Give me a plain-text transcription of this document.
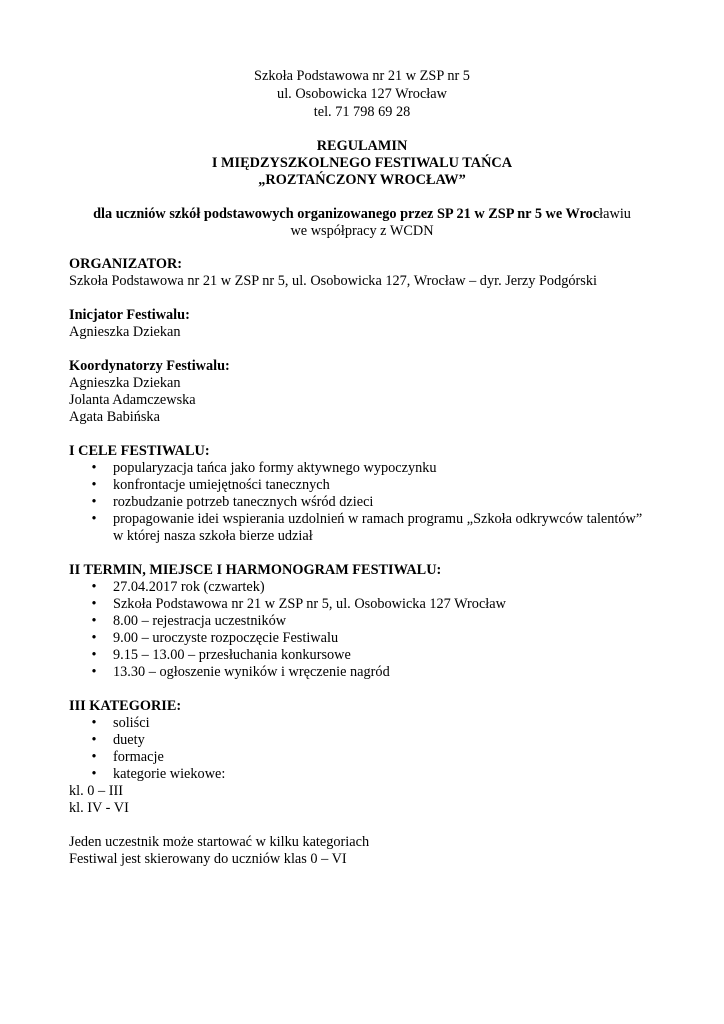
Szkoła Podstawowa nr 21 w ZSP nr 5
ul. Osobowicka 127 Wrocław
tel. 71 798 69 28
REGULAMIN
I MIĘDZYSZKOLNEGO FESTIWALU TAŃCA
„ROZTAŃCZONY WROCŁAW”
dla uczniów szkół podstawowych organizowanego przez SP 21 w ZSP nr 5 we Wrocławiu
we współpracy z WCDN
ORGANIZATOR:
Szkoła Podstawowa nr 21 w ZSP nr 5, ul. Osobowicka 127, Wrocław – dyr. Jerzy Podgórski
Inicjator Festiwalu:
Agnieszka Dziekan
Koordynatorzy Festiwalu:
Agnieszka Dziekan
Jolanta Adamczewska
Agata Babińska
I CELE FESTIWALU:
• popularyzacja tańca jako formy aktywnego wypoczynku
• konfrontacje umiejętności tanecznych
• rozbudzanie potrzeb tanecznych wśród dzieci
• propagowanie idei wspierania uzdolnień w ramach programu „Szkoła odkrywców talentów”
w której nasza szkoła bierze udział
II TERMIN, MIEJSCE I HARMONOGRAM FESTIWALU:
• 27.04.2017 rok (czwartek)
• Szkoła Podstawowa nr 21 w ZSP nr 5, ul. Osobowicka 127 Wrocław
• 8.00 – rejestracja uczestników
• 9.00 – uroczyste rozpoczęcie Festiwalu
• 9.15 – 13.00 – przesłuchania konkursowe
• 13.30 – ogłoszenie wyników i wręczenie nagród
III KATEGORIE:
• soliści
• duety
• formacje
• kategorie wiekowe:
kl. 0 – III
kl. IV - VI
Jeden uczestnik może startować w kilku kategoriach
Festiwal jest skierowany do uczniów klas 0 – VI
